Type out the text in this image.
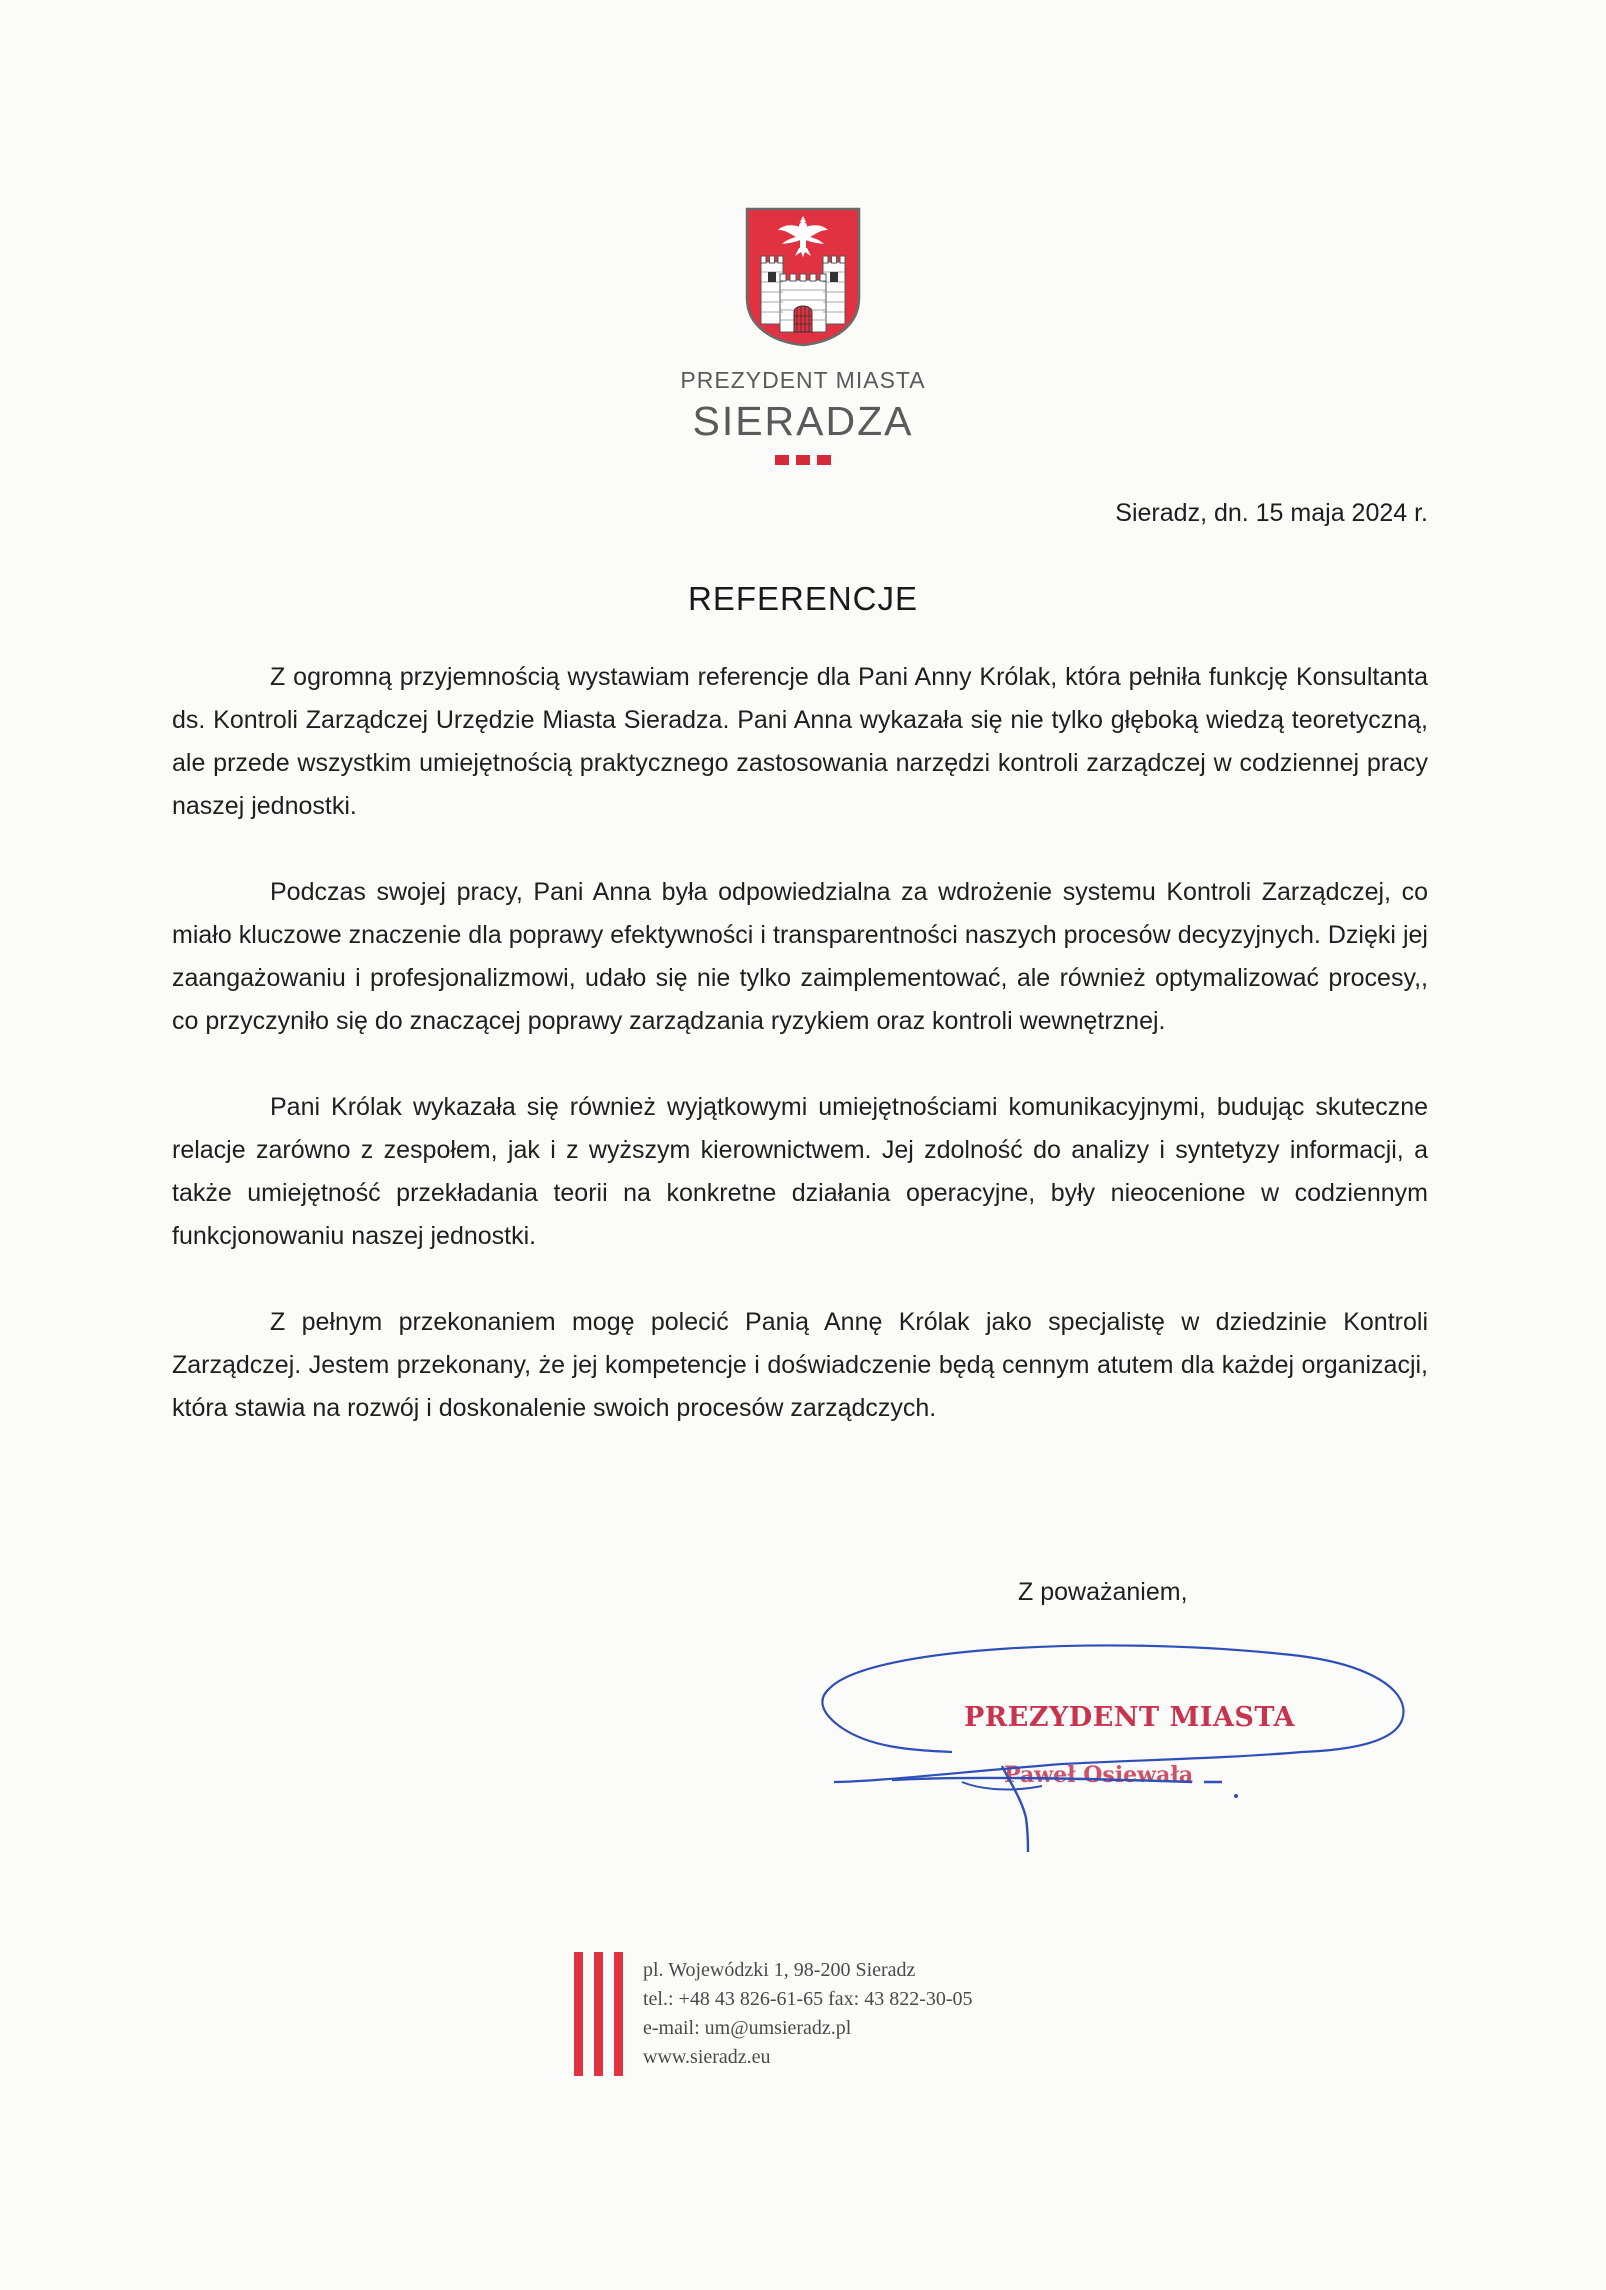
PREZYDENT MIASTA
SIERADZA
Sieradz, dn. 15 maja 2024 r.
REFERENCJE

Z ogromną przyjemnością wystawiam referencje dla Pani Anny Królak, która pełniła funkcję Konsultanta ds. Kontroli Zarządczej Urzędzie Miasta Sieradza. Pani Anna wykazała się nie tylko głęboką wiedzą teoretyczną, ale przede wszystkim umiejętnością praktycznego zastosowania narzędzi kontroli zarządczej w codziennej pracy naszej jednostki.

Podczas swojej pracy, Pani Anna była odpowiedzialna za wdrożenie systemu Kontroli Zarządczej, co miało kluczowe znaczenie dla poprawy efektywności i transparentności naszych procesów decyzyjnych. Dzięki jej zaangażowaniu i profesjonalizmowi, udało się nie tylko zaimplementować, ale również optymalizować procesy,, co przyczyniło się do znaczącej poprawy zarządzania ryzykiem oraz kontroli wewnętrznej.

Pani Królak wykazała się również wyjątkowymi umiejętnościami komunikacyjnymi, budując skuteczne relacje zarówno z zespołem, jak i z wyższym kierownictwem. Jej zdolność do analizy i syntetyzy informacji, a także umiejętność przekładania teorii na konkretne działania operacyjne, były nieocenione w codziennym funkcjonowaniu naszej jednostki.

Z pełnym przekonaniem mogę polecić Panią Annę Królak jako specjalistę w dziedzinie Kontroli Zarządczej. Jestem przekonany, że jej kompetencje i doświadczenie będą cennym atutem dla każdej organizacji, która stawia na rozwój i doskonalenie swoich procesów zarządczych.

Z poważaniem,
PREZYDENT MIASTA
Paweł Osiewała
pl. Wojewódzki 1, 98-200 Sieradz
tel.: +48 43 826-61-65 fax: 43 822-30-05
e-mail: um@umsieradz.pl
www.sieradz.eu
